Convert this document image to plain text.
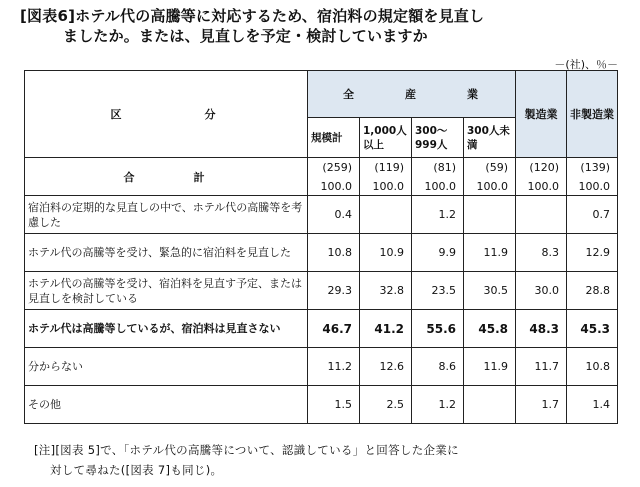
[図表6]ホテル代の高騰等に対応するため、宿泊料の規定額を見直し
ましたか。または、見直しを予定・検討していますか
－(社)、％－
区　分	全　産　業				製造業	非製造業
	規模計	1,000人以上	300～999人	300人未満		
合　計	(259)	(119)	(81)	(59)	(120)	(139)
	100.0	100.0	100.0	100.0	100.0	100.0
宿泊料の定期的な見直しの中で、ホテル代の高騰等を考慮した	0.4		1.2			0.7
ホテル代の高騰等を受け、緊急的に宿泊料を見直した	10.8	10.9	9.9	11.9	8.3	12.9
ホテル代の高騰等を受け、宿泊料を見直す予定、または見直しを検討している	29.3	32.8	23.5	30.5	30.0	28.8
ホテル代は高騰等しているが、宿泊料は見直さない	46.7	41.2	55.6	45.8	48.3	45.3
分からない	11.2	12.6	8.6	11.9	11.7	10.8
その他	1.5	2.5	1.2		1.7	1.4
[注][図表 5]で、「ホテル代の高騰等について、認識している」と回答した企業に
対して尋ねた([図表 7]も同じ)。
